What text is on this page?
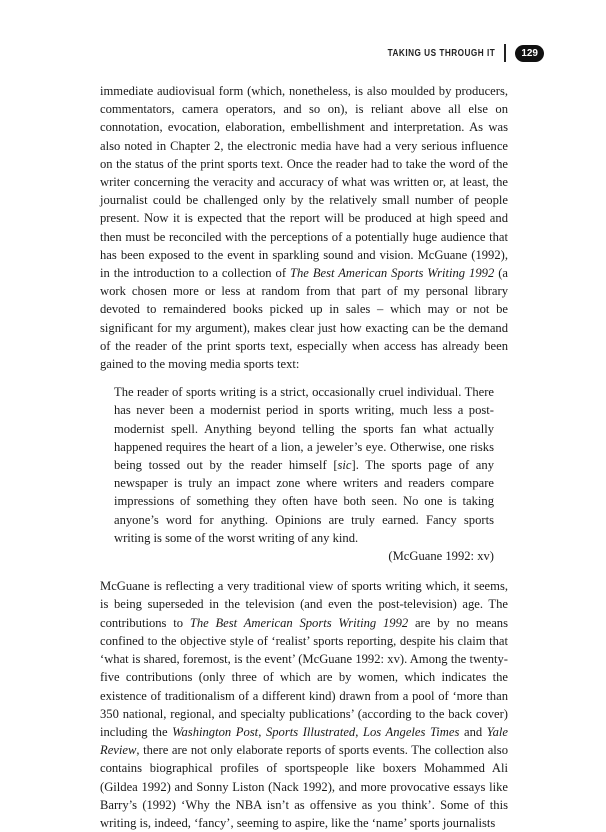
TAKING US THROUGH IT	129

immediate audiovisual form (which, nonetheless, is also moulded by producers, commentators, camera operators, and so on), is reliant above all else on connotation, evocation, elaboration, embellishment and interpretation. As was also noted in Chapter 2, the electronic media have had a very serious influence on the status of the print sports text. Once the reader had to take the word of the writer concerning the veracity and accuracy of what was written or, at least, the journalist could be challenged only by the relatively small number of people present. Now it is expected that the report will be produced at high speed and then must be reconciled with the perceptions of a potentially huge audience that has been exposed to the event in sparkling sound and vision. McGuane (1992), in the introduction to a collection of The Best American Sports Writing 1992 (a work chosen more or less at random from that part of my personal library devoted to remaindered books picked up in sales – which may or not be significant for my argument), makes clear just how exacting can be the demand of the reader of the print sports text, especially when access has already been gained to the moving media sports text:

The reader of sports writing is a strict, occasionally cruel individual. There has never been a modernist period in sports writing, much less a post-modernist spell. Anything beyond telling the sports fan what actually happened requires the heart of a lion, a jeweler’s eye. Otherwise, one risks being tossed out by the reader himself [sic]. The sports page of any newspaper is truly an impact zone where writers and readers compare impressions of something they often have both seen. No one is taking anyone’s word for anything. Opinions are truly earned. Fancy sports writing is some of the worst writing of any kind.
(McGuane 1992: xv)

McGuane is reflecting a very traditional view of sports writing which, it seems, is being superseded in the television (and even the post-television) age. The contributions to The Best American Sports Writing 1992 are by no means confined to the objective style of ‘realist’ sports reporting, despite his claim that ‘what is shared, foremost, is the event’ (McGuane 1992: xv). Among the twenty-five contributions (only three of which are by women, which indicates the existence of traditionalism of a different kind) drawn from a pool of ‘more than 350 national, regional, and specialty publications’ (according to the back cover) including the Washington Post, Sports Illustrated, Los Angeles Times and Yale Review, there are not only elaborate reports of sports events. The collection also contains biographical profiles of sportspeople like boxers Mohammed Ali (Gildea 1992) and Sonny Liston (Nack 1992), and more provocative essays like Barry’s (1992) ‘Why the NBA isn’t as offensive as you think’. Some of this writing is, indeed, ‘fancy’, seeming to aspire, like the ‘name’ sports journalists
